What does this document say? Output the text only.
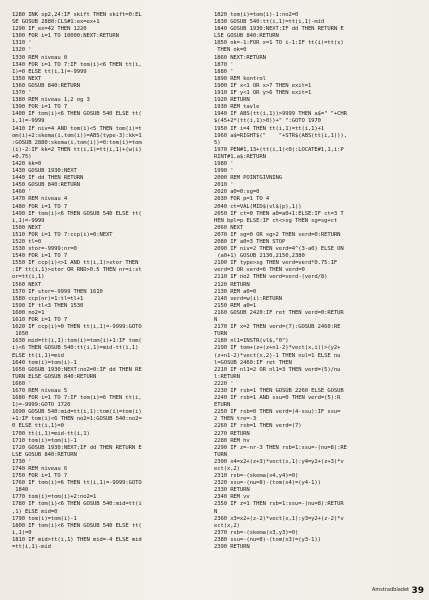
1280 INK sp2,24:IF skift THEN skift=0:EL
SE GOSUB 2880:CLS#1:ex=ex+1
1290 IF ex=42 THEN 1220
1300 FOR i=1 TO 10000:NEXT:RETURN
1310 '
1320 '
1330 REM niveau 0
1340 FOR i=1 TO 7:IF tom(i)<6 THEN tt(i,
1)=0 ELSE tt(i,1)=-9999
1350 NEXT
1360 GOSUB 840:RETURN
1370 '
1380 REM niveau 1,2 og 3
1390 FOR i=1 TO 7
1400 IF tom(i)<6 THEN GOSUB 540 ELSE tt(
i,1)=-9999
1410 IF niv=4 AND tom(i)<5 THEN tom(i)=t
om(i)+2:skema(i,tom(i))=ABS(type-3):kk=1
:GOSUB 2880:skema(i,tom(i))=0:tom(i)=tom
(i)-2:IF kk=2 THEN tt(i,1)=tt(i,1)+(w(i)
+0.75)
1420 kk=0
1430 GOSUB 1930:NEXT
1440 IF dd THEN RETURN
1450 GOSUB 840:RETURN
1460 '
1470 REM niveau 4
1480 FOR i=1 TO 7
1490 IF tom(i)<6 THEN GOSUB 540 ELSE tt(
i,1)=-9999
1500 NEXT
1510 FOR i=1 TO 7:ccp(i)=0:NEXT
1520 tl=0
1530 stor=-9999:nr=0
1540 FOR i=1 TO 7
1550 IF ccp(i)<>1 AND tt(i,1)>stor THEN
:IF tt(i,1)>stor OR RND>0.5 THEN nr=i:st
or=tt(i,1)
1560 NEXT
1570 IF stor=-9999 THEN 1610
1580 ccp(nr)=1:tl=tl+1
1590 IF tl<3 THEN 1530
1600 no2=1
1610 FOR i=1 TO 7
1620 IF ccp(i)=0 THEN tt(i,1)=-9999:GOTO
1650
1630 mid=tt(i,1):tom(i)=tom(i)+1:IF tom(
i)<6 THEN GOSUB 540:tt(i,1)=mid-tt(i,1)
ELSE tt(i,1)=mid
1640 tom(i)=tom(i)-1
1650 GOSUB 1930:NEXT:no2=0:IF dd THEN RE
TURN ELSE GOSUB 840:RETURN
1660 '
1670 REM niveau 5
1680 FOR i=1 TO 7:IF tom(i)=6 THEN tt(i,
1)=-9999:GOTO 1720
1690 GOSUB 540:mid=tt(i,1):tom(i)=tom(i)
+1:IF tom(i)<6 THEN no2=1:GOSUB 540:no2=
0 ELSE tt(i,1)=0
1700 tt(i,1)=mid-tt(i,1)
1710 tom(i)=tom(i)-1
1720 GOSUB 1930:NEXT:IF dd THEN RETURN E
LSE GOSUB 840:RETURN
1730 '
1740 REM niveau 6
1750 FOR i=1 TO 7
1760 IF tom(i)=6 THEN tt(i,1)=-9999:GOTO
1840
1770 tom(i)=tom(i)+2:no2=1
1780 IF tom(i)<6 THEN GOSUB 540:mid=tt(i
,1) ELSE mid=0
1790 tom(i)=tom(i)-1
1800 IF tom(i)<6 THEN GOSUB 540 ELSE tt(
i,1)=0
1810 IF mid>tt(i,1) THEN mid=-4 ELSE mid
=tt(i,1)-mid
1820 tom(i)=tom(i)-1:no2=0
1830 GOSUB 540:tt(i,1)=tt(i,1)-mid
1840 GOSUB 1930:NEXT:IF dd THEN RETURN E
LSE GOSUB 840:RETURN
1850 ok=-1:FOR x=1 TO i-1:IF tt(i)=tt(x)
THEN ok=0
1860 NEXT:RETURN
1870 '
1880 '
1890 REM kontrol
1900 IF x<1 OR x>7 THEN exit=1
1910 IF y<1 OR y>6 THEN exit=1
1920 RETURN
1930 REM tavle
1940 IF ABS(tt(i,1))>9999 THEN a$=" "+CHR
$(45+2*(tt(i,1)>0))+" ":GOTO 1970
1950 IF i=4 THEN tt(i,1)=tt(i,1)+1
1960 a$=RIGHT$("    "+STR$(ABS(tt(i,1))),
5)
1970 PEN#1,13+(tt(i,1)<0):LOCATE#1,1,i:P
RINT#1,a$:RETURN
1980 '
1990 '
2000 REM POINTGIVNING
2010 '
2020 a0=0:sg=0
2030 FOR p=1 TO 4
2040 ct=VAL(MID$(vl$(p),1))
2050 IF ct=0 THEN a0=a0+1:ELSE:IF ct=3 T
HEN bpl=p ELSE:IF ct<>sg THEN sg=sg+ct
2060 NEXT
2070 IF sg=0 OR sg>2 THEN verd=0:RETURN
2080 IF a0=3 THEN STOP
2090 IF niv=2 THEN verd=4^(3-a0) ELSE ON
(a0+1) GOSUB 2130,2150,2380
2100 IF type>sg THEN verd=verd*0.75:IF
verd=3 OR verd=6 THEN verd=0
2110 IF no2 THEN verd=verd-(verd/8)
2120 RETURN
2130 REM a0=0
2140 verd=w(i):RETURN
2150 REM a0=1
2160 GOSUB 2420:IF ret THEN verd=0:RETUR
N
2170 IF x=2 THEN verd=(7):GOSUB 2460:RE
TURN
2180 nl1=INSTR(vl$,"0")
2190 IF tom+(z+(z+n1-2)*vect(x,i))>(y2+
(z+n1-2)*vect(x,2)-1 THEN nul=1 ELSE nu
l=GOSUB 2460:IF ret THEN
2210 IF nl1=2 OR nl1=3 THEN verd=(5)/nu
l:RETURN
2220 '
2230 IF rsb=1 THEN GOSUB 2260 ELSE GOSUB
2240 IF rsb=1 AND ssu=0 THEN verd=(5):R
ETURN
2250 IF rsb=0 THEN verd=(4-ssu):IF ssu=
2 THEN tre=-3
2260 IF rsb=1 THEN verd=(7)
2270 RETURN
2280 REM hv
2290 IF z=-nr-3 THEN rsb=1:ssu=-(nu=8):RE
TURN
2300 x4=x2+(z+3)*vect(x,1):y4=y2+(z+3)*v
ect(x,2)
2310 rsb=-(skema(x4,y4)=0)
2320 ssu=-(nu=8)-(tom(x4)=(y4-1))
2330 RETURN
2340 REM vv
2350 IF z=1 THEN rsb=1:ssu=-(nu=8):RETUR
N
2360 x3=x2+(z-2)*vect(x,1):y3=y2+(z-2)*v
ect(x,2)
2370 rsb=-(skema(x3,y3)=0)
2380 ssu=-(nu=8)-(tom(x3)=(y3-1))
2390 RETURN
Amstradbladet 39
